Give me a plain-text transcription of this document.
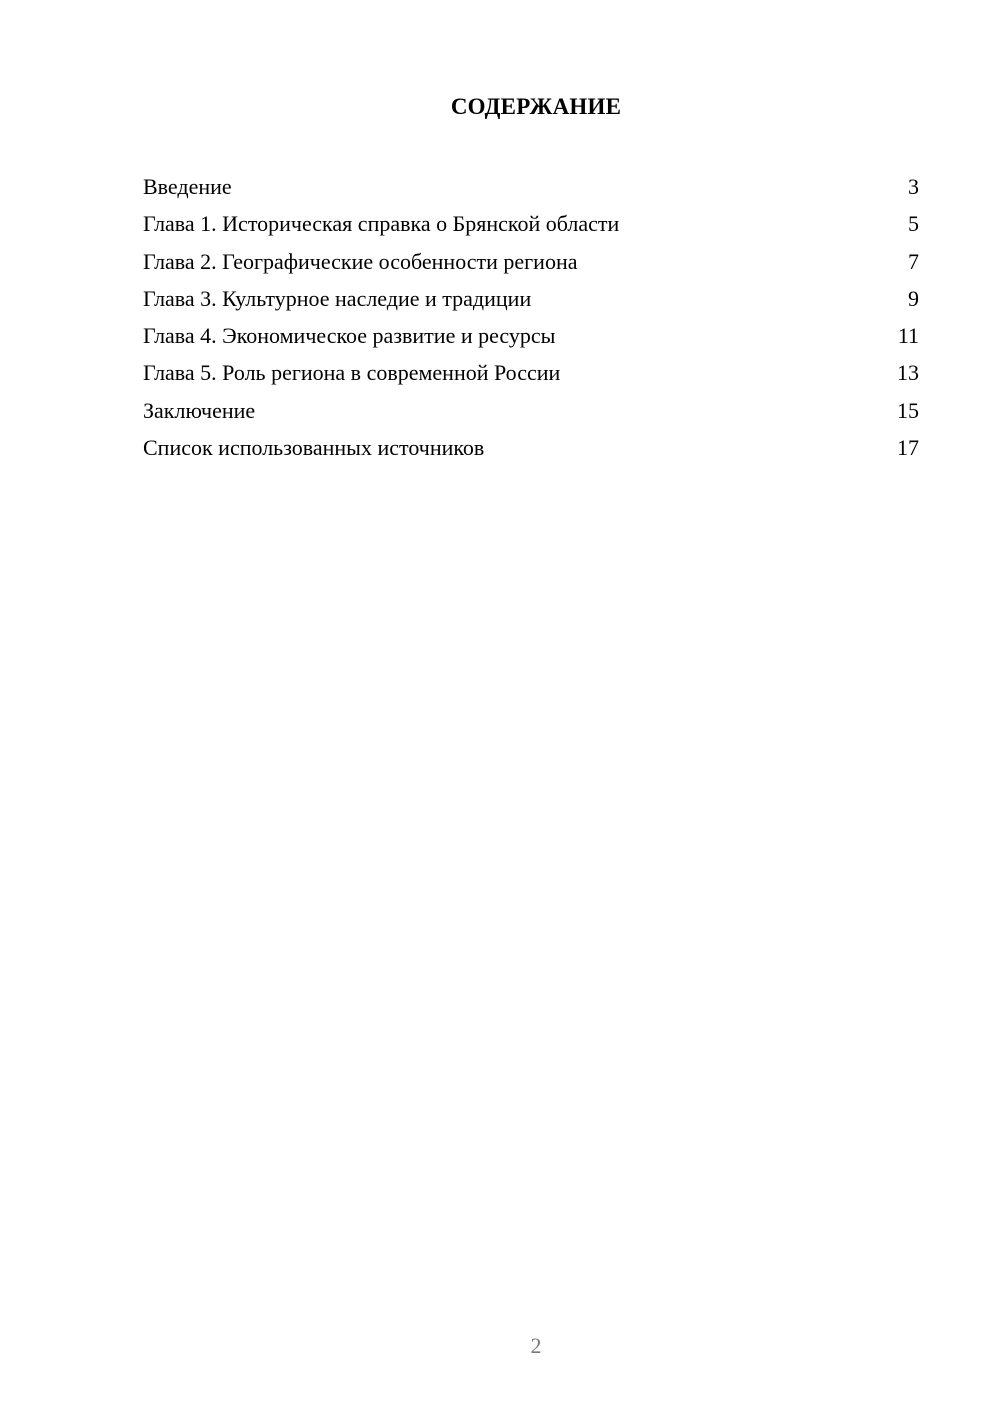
СОДЕРЖАНИЕ
Введение	3
Глава 1. Историческая справка о Брянской области	5
Глава 2. Географические особенности региона	7
Глава 3. Культурное наследие и традиции	9
Глава 4. Экономическое развитие и ресурсы	11
Глава 5. Роль региона в современной России	13
Заключение	15
Список использованных источников	17
2
